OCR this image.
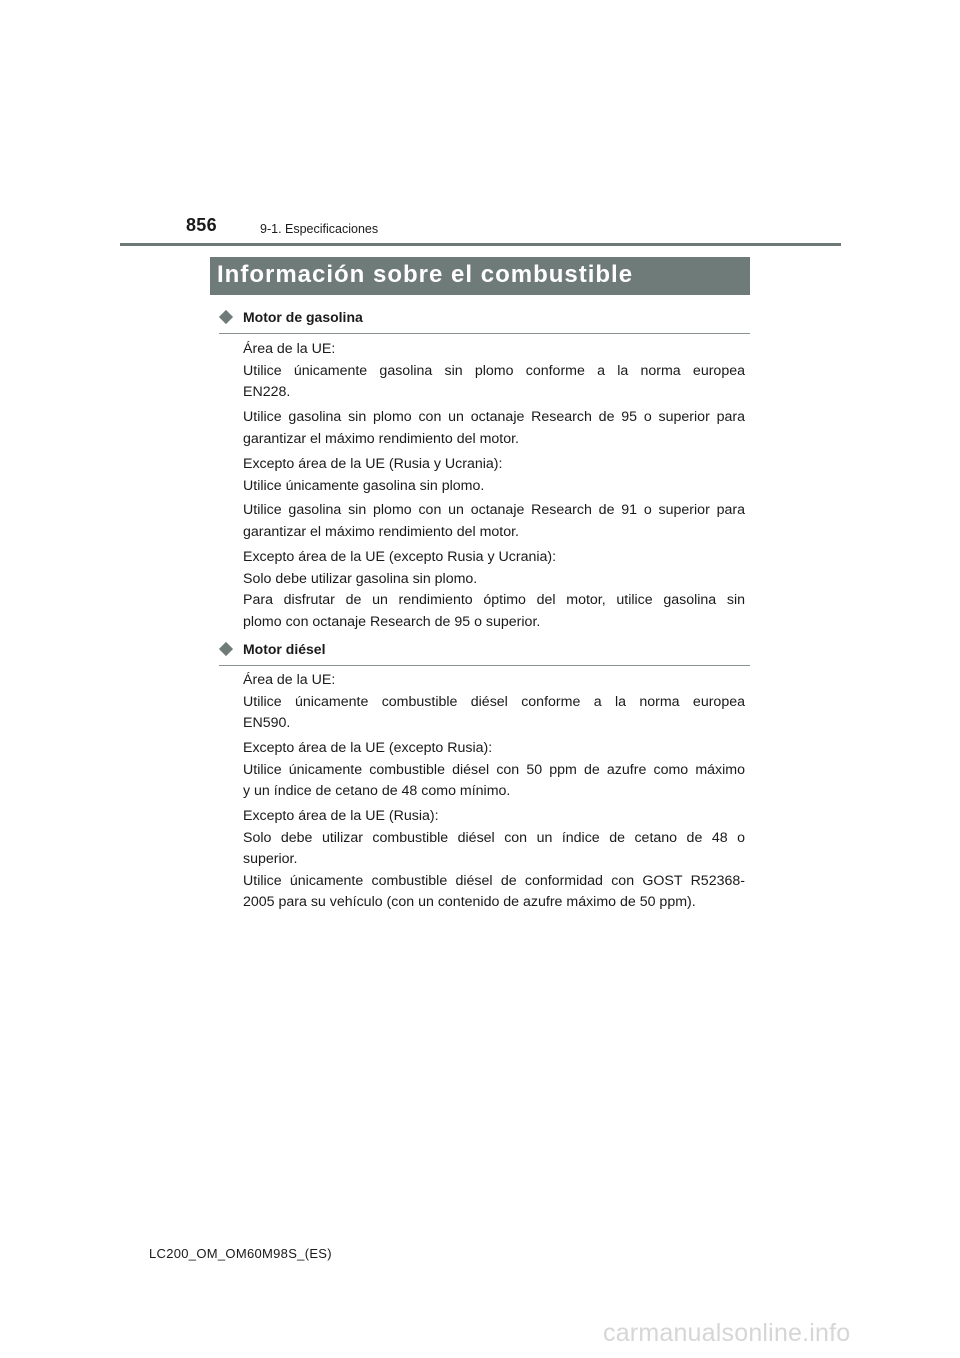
856	9-1. Especificaciones
Información sobre el combustible
Motor de gasolina

Área de la UE:

Utilice únicamente gasolina sin plomo conforme a la norma europea

EN228.

Utilice gasolina sin plomo con un octanaje Research de 95 o superior para

garantizar el máximo rendimiento del motor.

Excepto área de la UE (Rusia y Ucrania):

Utilice únicamente gasolina sin plomo.

Utilice gasolina sin plomo con un octanaje Research de 91 o superior para

garantizar el máximo rendimiento del motor.

Excepto área de la UE (excepto Rusia y Ucrania):

Solo debe utilizar gasolina sin plomo.

Para disfrutar de un rendimiento óptimo del motor, utilice gasolina sin

plomo con octanaje Research de 95 o superior.

Motor diésel

Área de la UE:

Utilice únicamente combustible diésel conforme a la norma europea

EN590.

Excepto área de la UE (excepto Rusia):

Utilice únicamente combustible diésel con 50 ppm de azufre como máximo

y un índice de cetano de 48 como mínimo.

Excepto área de la UE (Rusia):

Solo debe utilizar combustible diésel con un índice de cetano de 48 o

superior.

Utilice únicamente combustible diésel de conformidad con GOST R52368-

2005 para su vehículo (con un contenido de azufre máximo de 50 ppm).

LC200_OM_OM60M98S_(ES)
carmanualsonline.info
